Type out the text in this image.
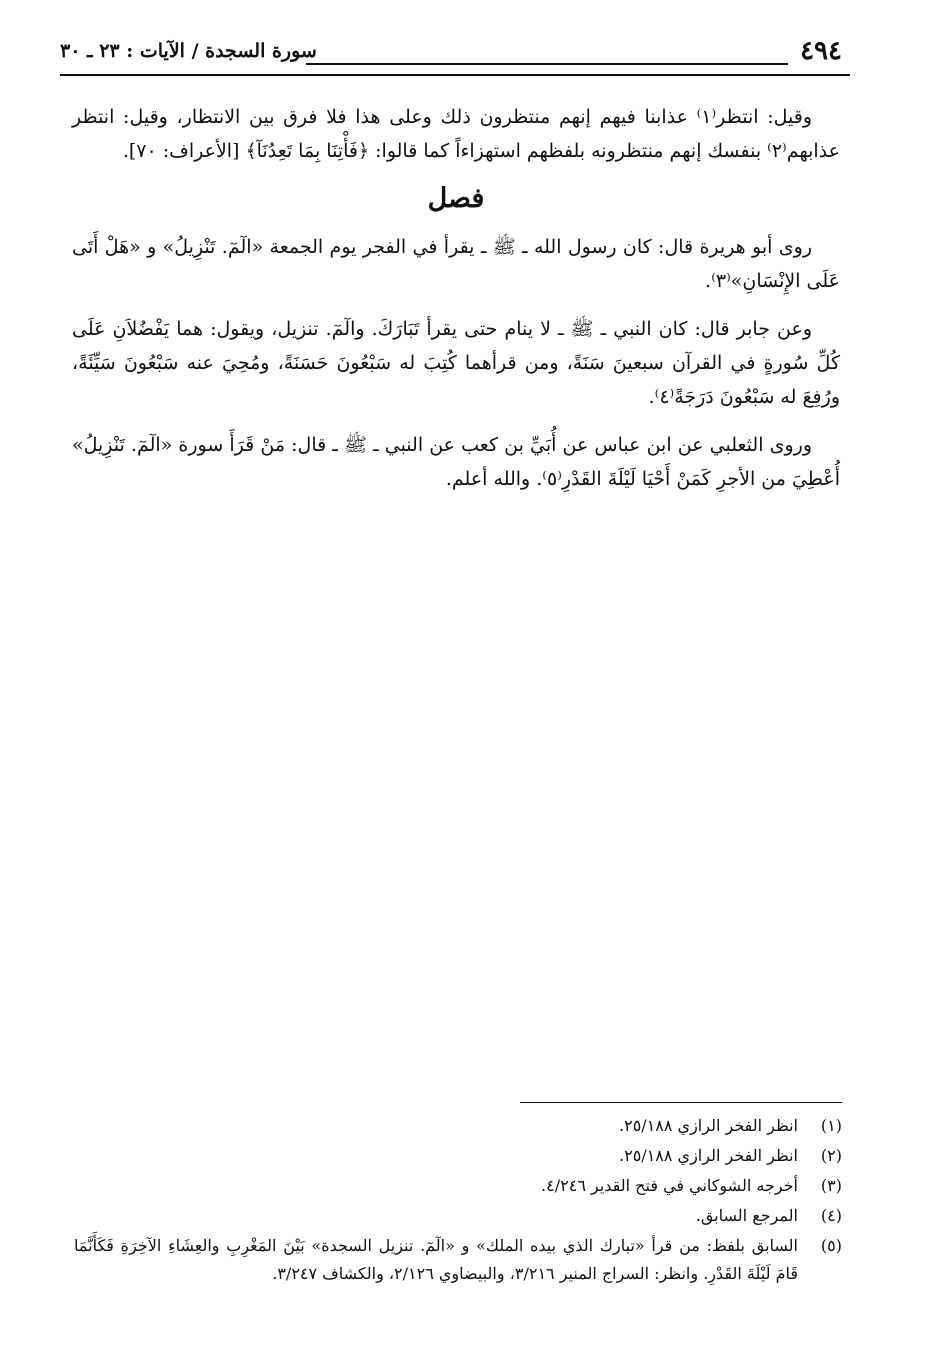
٤٩٤
سورة السجدة / الآيات : ٢٣ ـ ٣٠

وقيل: انتظر⁽١⁾ عذابنا فيهم إنهم منتظرون ذلك وعلى هذا فلا فرق بين الانتظار، وقيل: انتظر عذابهم⁽٢⁾ بنفسك إنهم منتظرونه بلفظهم استهزاءاً كما قالوا: ﴿فَأْتِنَا بِمَا تَعِدُنَآ﴾ [الأعراف: ٧٠].

فصل

روى أبو هريرة قال: كان رسول الله ـ ﷺ ـ يقرأ في الفجر يوم الجمعة «الٓمٓ. تَنْزِيلُ» و «هَلْ أَتَى عَلَى الإِنْسَانِ»⁽٣⁾.

وعن جابر قال: كان النبي ـ ﷺ ـ لا ينام حتى يقرأ تَبَارَكَ. والٓمٓ. تنزيل، ويقول: هما يَفْضُلاَنِ عَلَى كُلِّ سُورةٍ في القرآن سبعينَ سَنَةً، ومن قرأهما كُتِبَ له سَبْعُونَ حَسَنَةً، ومُحِيَ عنه سَبْعُونَ سَيِّئَةً، ورُفِعَ له سَبْعُونَ دَرَجَةً⁽٤⁾.

وروى الثعلبي عن ابن عباس عن أُبَيِّ بن كعب عن النبي ـ ﷺ ـ قال: مَنْ قَرَأَ سورة «الٓمٓ. تَنْزِيلُ» أُعْطِيَ من الأجرِ كَمَنْ أَحْيَا لَيْلَةَ القَدْرِ⁽٥⁾. والله أعلم.

(١)
انظر الفخر الرازي ٢٥/١٨٨.
(٢)
انظر الفخر الرازي ٢٥/١٨٨.
(٣)
أخرجه الشوكاني في فتح القدير ٤/٢٤٦.
(٤)
المرجع السابق.
(٥)
السابق بلفظ: من قرأ «تبارك الذي بيده الملك» و «الٓمٓ. تنزيل السجدة» بَيْنَ المَغْرِبِ والعِشَاءِ الآخِرَةِ فَكَأَنَّمَا قَامَ لَيْلَةَ القَدْرِ. وانظر: السراج المنير ٣/٢١٦، والبيضاوي ٢/١٢٦، والكشاف ٣/٢٤٧.
